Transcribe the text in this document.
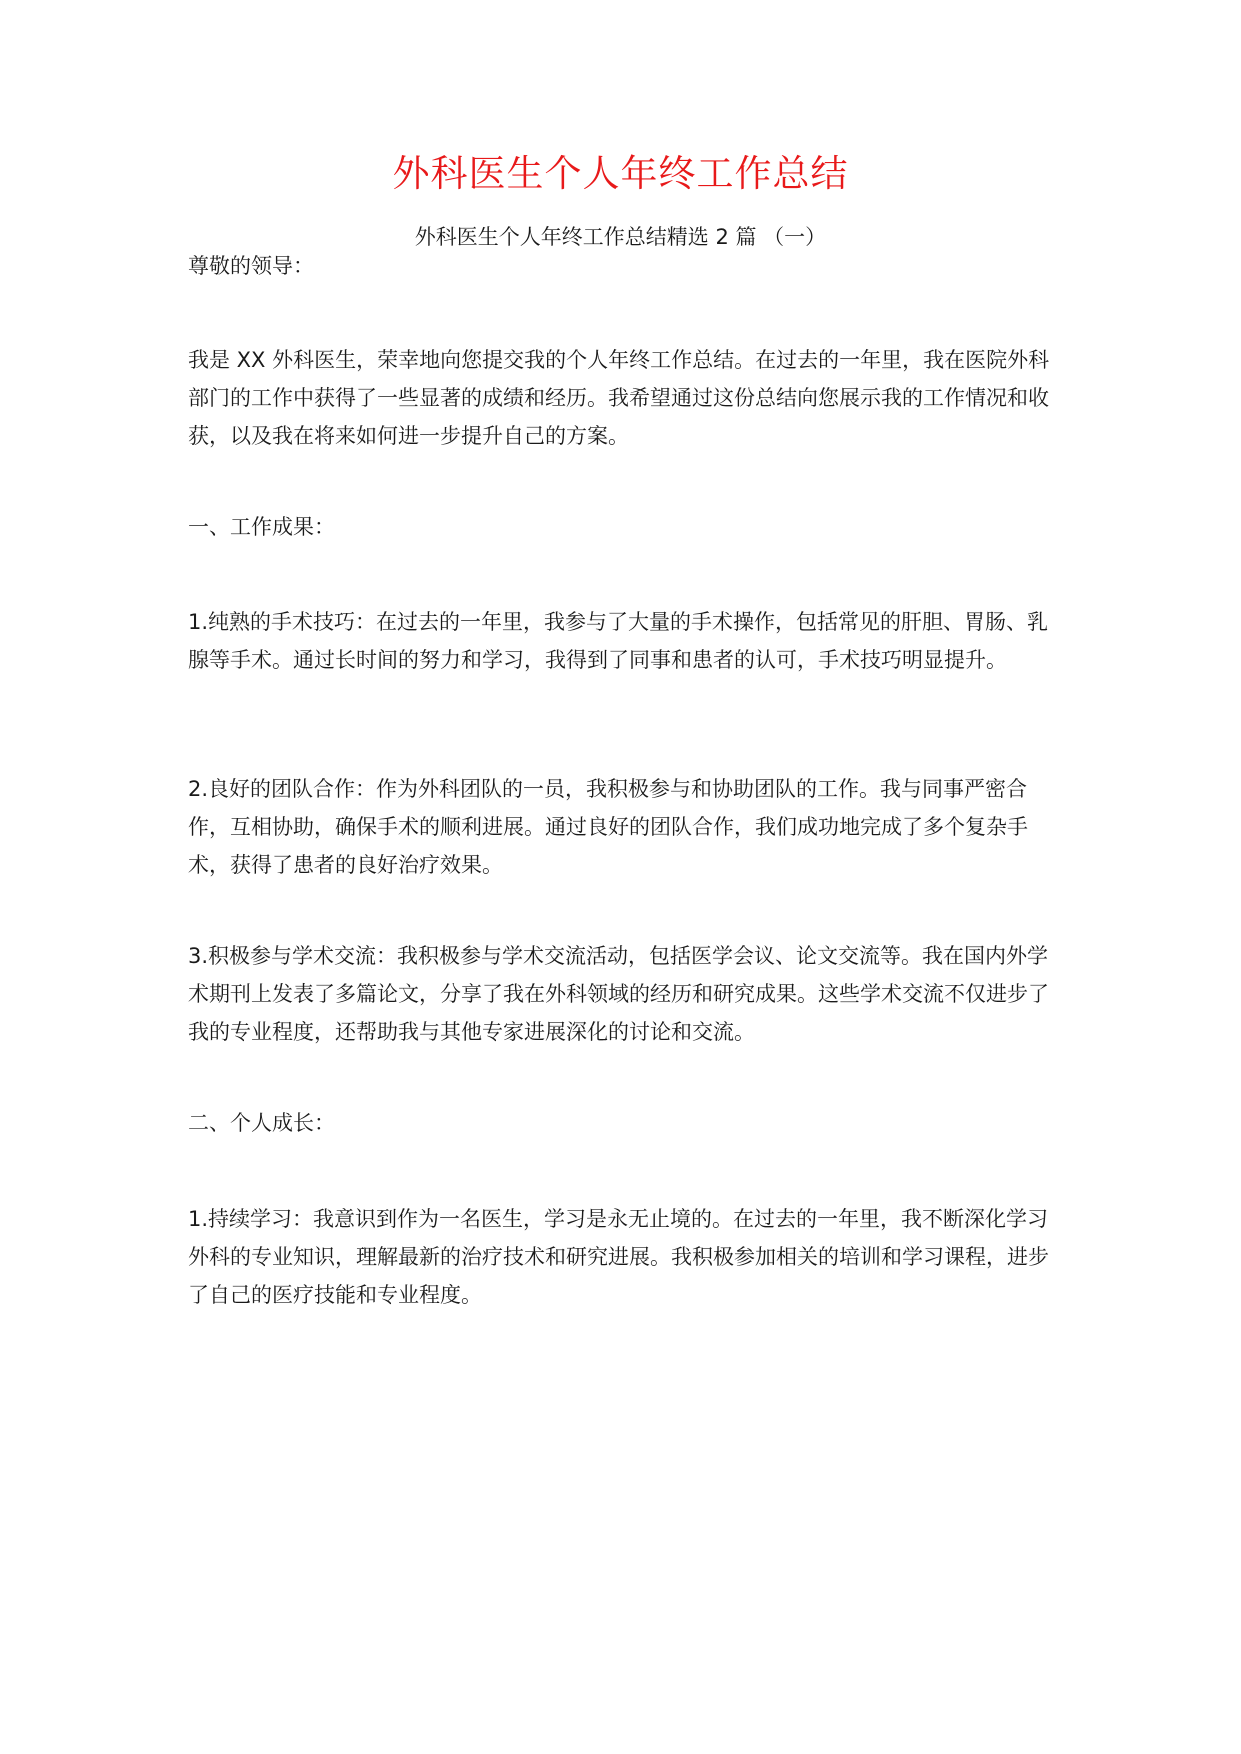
外科医生个人年终工作总结
外科医生个人年终工作总结精选 2 篇 （一）

尊敬的领导：

我是 XX 外科医生，荣幸地向您提交我的个人年终工作总结。在过去的一年里，我在医院外科部门的工作中获得了一些显著的成绩和经历。我希望通过这份总结向您展示我的工作情况和收获，以及我在将来如何进一步提升自己的方案。

一、工作成果：

1.纯熟的手术技巧：在过去的一年里，我参与了大量的手术操作，包括常见的肝胆、胃肠、乳腺等手术。通过长时间的努力和学习，我得到了同事和患者的认可，手术技巧明显提升。

2.良好的团队合作：作为外科团队的一员，我积极参与和协助团队的工作。我与同事严密合作，互相协助，确保手术的顺利进展。通过良好的团队合作，我们成功地完成了多个复杂手术，获得了患者的良好治疗效果。

3.积极参与学术交流：我积极参与学术交流活动，包括医学会议、论文交流等。我在国内外学术期刊上发表了多篇论文，分享了我在外科领域的经历和研究成果。这些学术交流不仅进步了我的专业程度，还帮助我与其他专家进展深化的讨论和交流。

二、个人成长：

1.持续学习：我意识到作为一名医生，学习是永无止境的。在过去的一年里，我不断深化学习外科的专业知识，理解最新的治疗技术和研究进展。我积极参加相关的培训和学习课程，进步了自己的医疗技能和专业程度。
